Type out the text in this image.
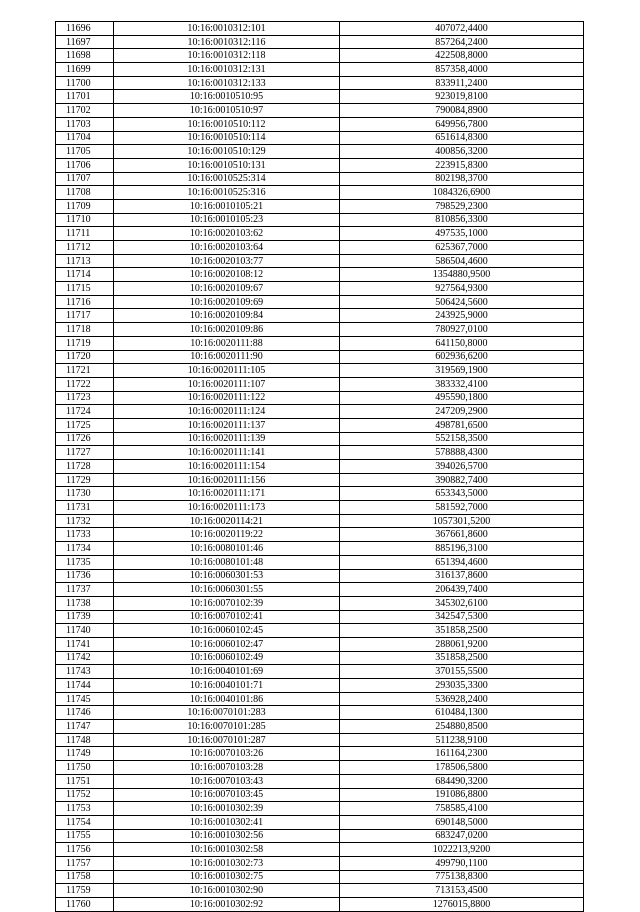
11696	10:16:0010312:101	407072,4400
11697	10:16:0010312:116	857264,2400
11698	10:16:0010312:118	422508,8000
11699	10:16:0010312:131	857358,4000
11700	10:16:0010312:133	833911,2400
11701	10:16:0010510:95	923019,8100
11702	10:16:0010510:97	790084,8900
11703	10:16:0010510:112	649956,7800
11704	10:16:0010510:114	651614,8300
11705	10:16:0010510:129	400856,3200
11706	10:16:0010510:131	223915,8300
11707	10:16:0010525:314	802198,3700
11708	10:16:0010525:316	1084326,6900
11709	10:16:0010105:21	798529,2300
11710	10:16:0010105:23	810856,3300
11711	10:16:0020103:62	497535,1000
11712	10:16:0020103:64	625367,7000
11713	10:16:0020103:77	586504,4600
11714	10:16:0020108:12	1354880,9500
11715	10:16:0020109:67	927564,9300
11716	10:16:0020109:69	506424,5600
11717	10:16:0020109:84	243925,9000
11718	10:16:0020109:86	780927,0100
11719	10:16:0020111:88	641150,8000
11720	10:16:0020111:90	602936,6200
11721	10:16:0020111:105	319569,1900
11722	10:16:0020111:107	383332,4100
11723	10:16:0020111:122	495590,1800
11724	10:16:0020111:124	247209,2900
11725	10:16:0020111:137	498781,6500
11726	10:16:0020111:139	552158,3500
11727	10:16:0020111:141	578888,4300
11728	10:16:0020111:154	394026,5700
11729	10:16:0020111:156	390882,7400
11730	10:16:0020111:171	653343,5000
11731	10:16:0020111:173	581592,7000
11732	10:16:0020114:21	1057301,5200
11733	10:16:0020119:22	367661,8600
11734	10:16:0080101:46	885196,3100
11735	10:16:0080101:48	651394,4600
11736	10:16:0060301:53	316137,8600
11737	10:16:0060301:55	206439,7400
11738	10:16:0070102:39	345302,6100
11739	10:16:0070102:41	342547,5300
11740	10:16:0060102:45	351858,2500
11741	10:16:0060102:47	288061,9200
11742	10:16:0060102:49	351858,2500
11743	10:16:0040101:69	370155,5500
11744	10:16:0040101:71	293035,3300
11745	10:16:0040101:86	536928,2400
11746	10:16:0070101:283	610484,1300
11747	10:16:0070101:285	254880,8500
11748	10:16:0070101:287	511238,9100
11749	10:16:0070103:26	161164,2300
11750	10:16:0070103:28	178506,5800
11751	10:16:0070103:43	684490,3200
11752	10:16:0070103:45	191086,8800
11753	10:16:0010302:39	758585,4100
11754	10:16:0010302:41	690148,5000
11755	10:16:0010302:56	683247,0200
11756	10:16:0010302:58	1022213,9200
11757	10:16:0010302:73	499790,1100
11758	10:16:0010302:75	775138,8300
11759	10:16:0010302:90	713153,4500
11760	10:16:0010302:92	1276015,8800
